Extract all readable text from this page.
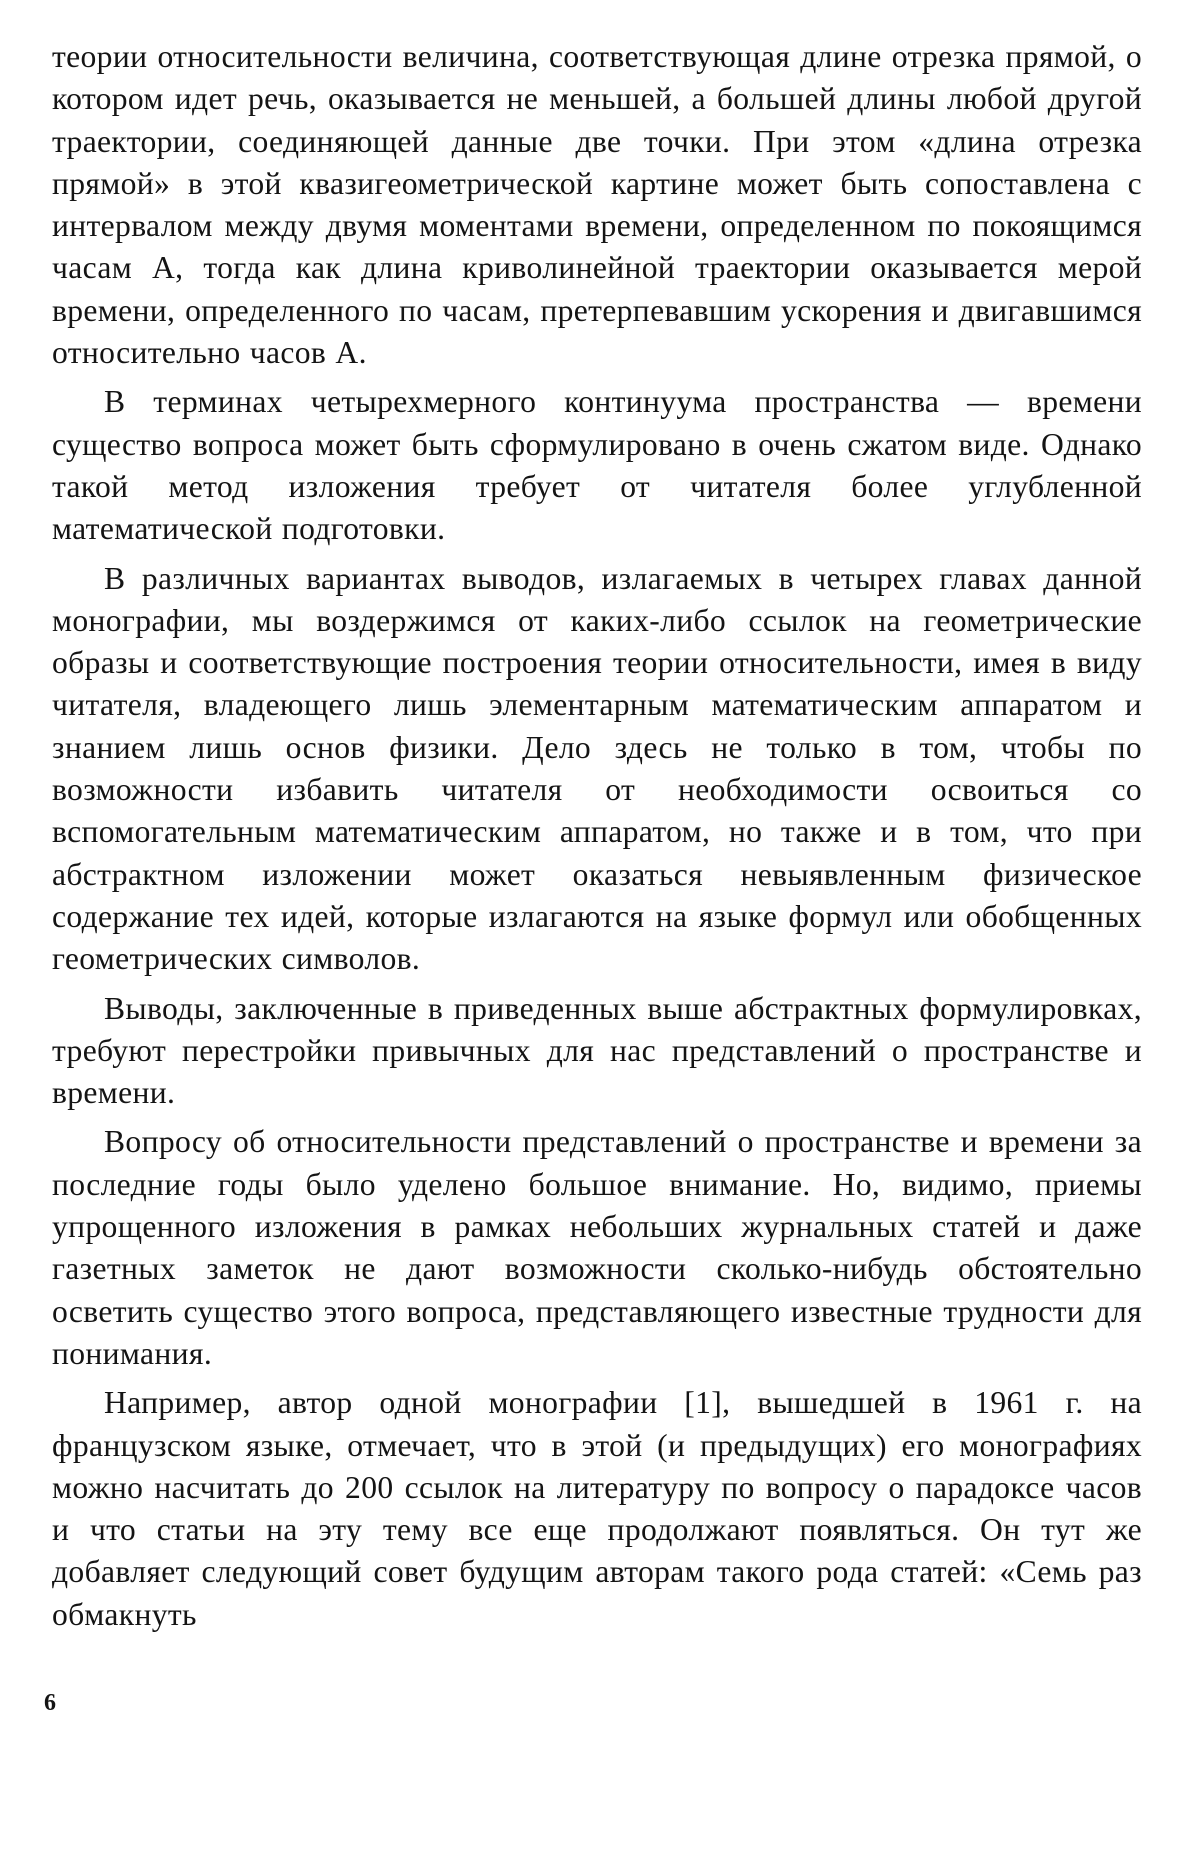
теории относительности величина, соответствующая длине отрезка прямой, о котором идет речь, оказывается не меньшей, а большей длины любой другой траектории, соединяющей данные две точки. При этом «длина отрезка прямой» в этой квазигеометрической картине может быть сопоставлена с интервалом между двумя моментами времени, определенном по покоящимся часам A, тогда как длина криволинейной траектории оказывается мерой времени, определенного по часам, претерпевавшим ускорения и двигавшимся относительно часов A.

В терминах четырехмерного континуума пространства — времени существо вопроса может быть сформулировано в очень сжатом виде. Однако такой метод изложения требует от читателя более углубленной математической подготовки.

В различных вариантах выводов, излагаемых в четырех главах данной монографии, мы воздержимся от каких-либо ссылок на геометрические образы и соответствующие построения теории относительности, имея в виду читателя, владеющего лишь элементарным математическим аппаратом и знанием лишь основ физики. Дело здесь не только в том, чтобы по возможности избавить читателя от необходимости освоиться со вспомогательным математическим аппаратом, но также и в том, что при абстрактном изложении может оказаться невыявленным физическое содержание тех идей, которые излагаются на языке формул или обобщенных геометрических символов.

Выводы, заключенные в приведенных выше абстрактных формулировках, требуют перестройки привычных для нас представлений о пространстве и времени.

Вопросу об относительности представлений о пространстве и времени за последние годы было уделено большое внимание. Но, видимо, приемы упрощенного изложения в рамках небольших журнальных статей и даже газетных заметок не дают возможности сколько-нибудь обстоятельно осветить существо этого вопроса, представляющего известные трудности для понимания.

Например, автор одной монографии [1], вышедшей в 1961 г. на французском языке, отмечает, что в этой (и предыдущих) его монографиях можно насчитать до 200 ссылок на литературу по вопросу о парадоксе часов и что статьи на эту тему все еще продолжают появляться. Он тут же добавляет следующий совет будущим авторам такого рода статей: «Семь раз обмакнуть

6
